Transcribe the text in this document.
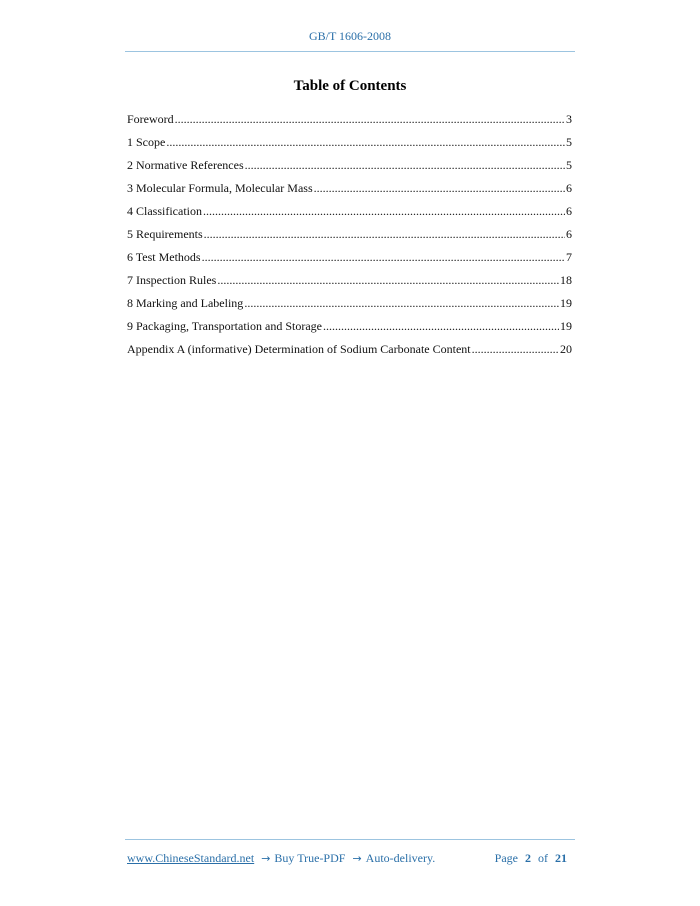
GB/T 1606-2008
Table of Contents
Foreword .....	3
1 Scope .....	5
2 Normative References .....	5
3 Molecular Formula, Molecular Mass .....	6
4 Classification .....	6
5 Requirements .....	6
6 Test Methods .....	7
7 Inspection Rules .....	18
8 Marking and Labeling .....	19
9 Packaging, Transportation and Storage .....	19
Appendix A (informative) Determination of Sodium Carbonate Content .....	20
www.ChineseStandard.net → Buy True-PDF → Auto-delivery.	Page 2 of 21
